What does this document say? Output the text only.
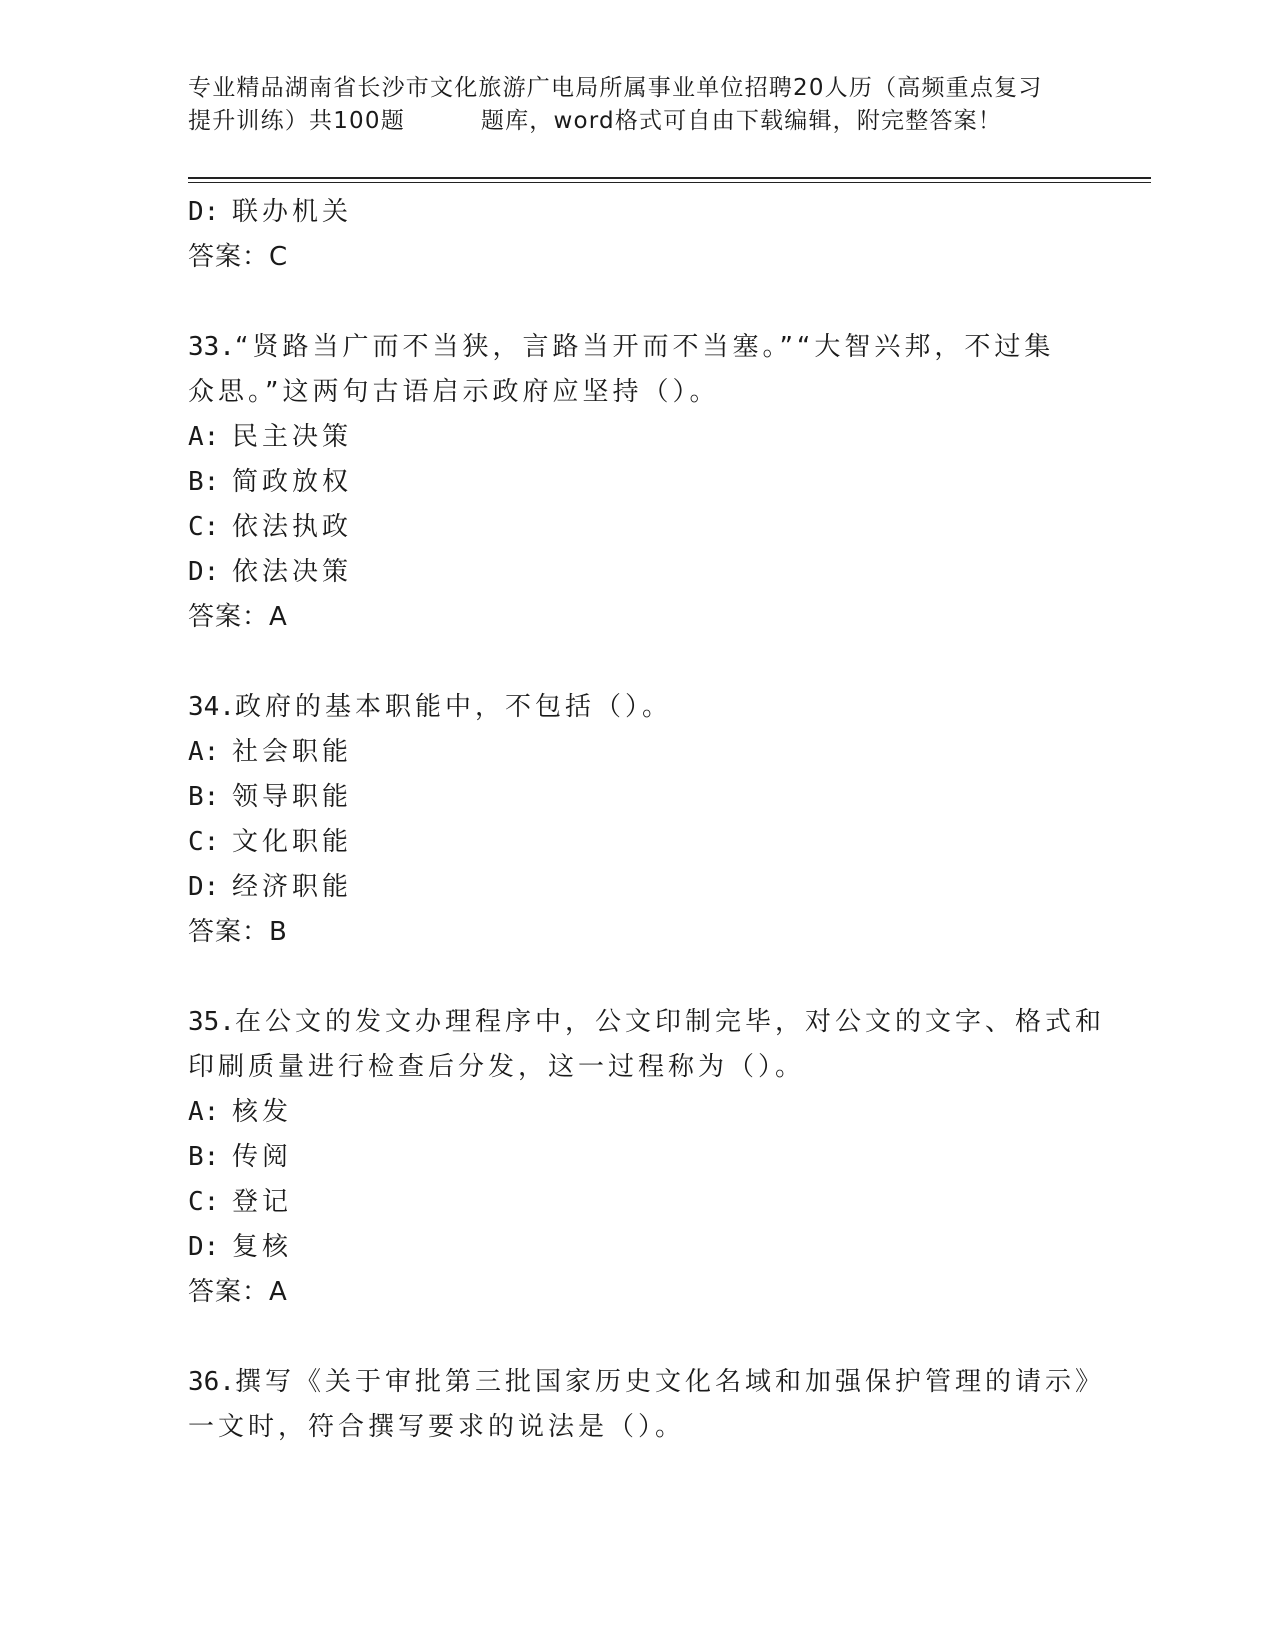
专业精品湖南省长沙市文化旅游广电局所属事业单位招聘20人历（高频重点复习
提升训练）共100题	题库，word格式可自由下载编辑，附完整答案！
D: 联办机关
答案：C
33.“贤路当广而不当狭，言路当开而不当塞。”“大智兴邦，不过集
众思。”这两句古语启示政府应坚持（）。
A: 民主决策
B: 简政放权
C: 依法执政
D: 依法决策
答案：A
34.政府的基本职能中，不包括（）。
A: 社会职能
B: 领导职能
C: 文化职能
D: 经济职能
答案：B
35.在公文的发文办理程序中，公文印制完毕，对公文的文字、格式和
印刷质量进行检查后分发，这一过程称为（）。
A: 核发
B: 传阅
C: 登记
D: 复核
答案：A
36.撰写《关于审批第三批国家历史文化名域和加强保护管理的请示》
一文时，符合撰写要求的说法是（）。
